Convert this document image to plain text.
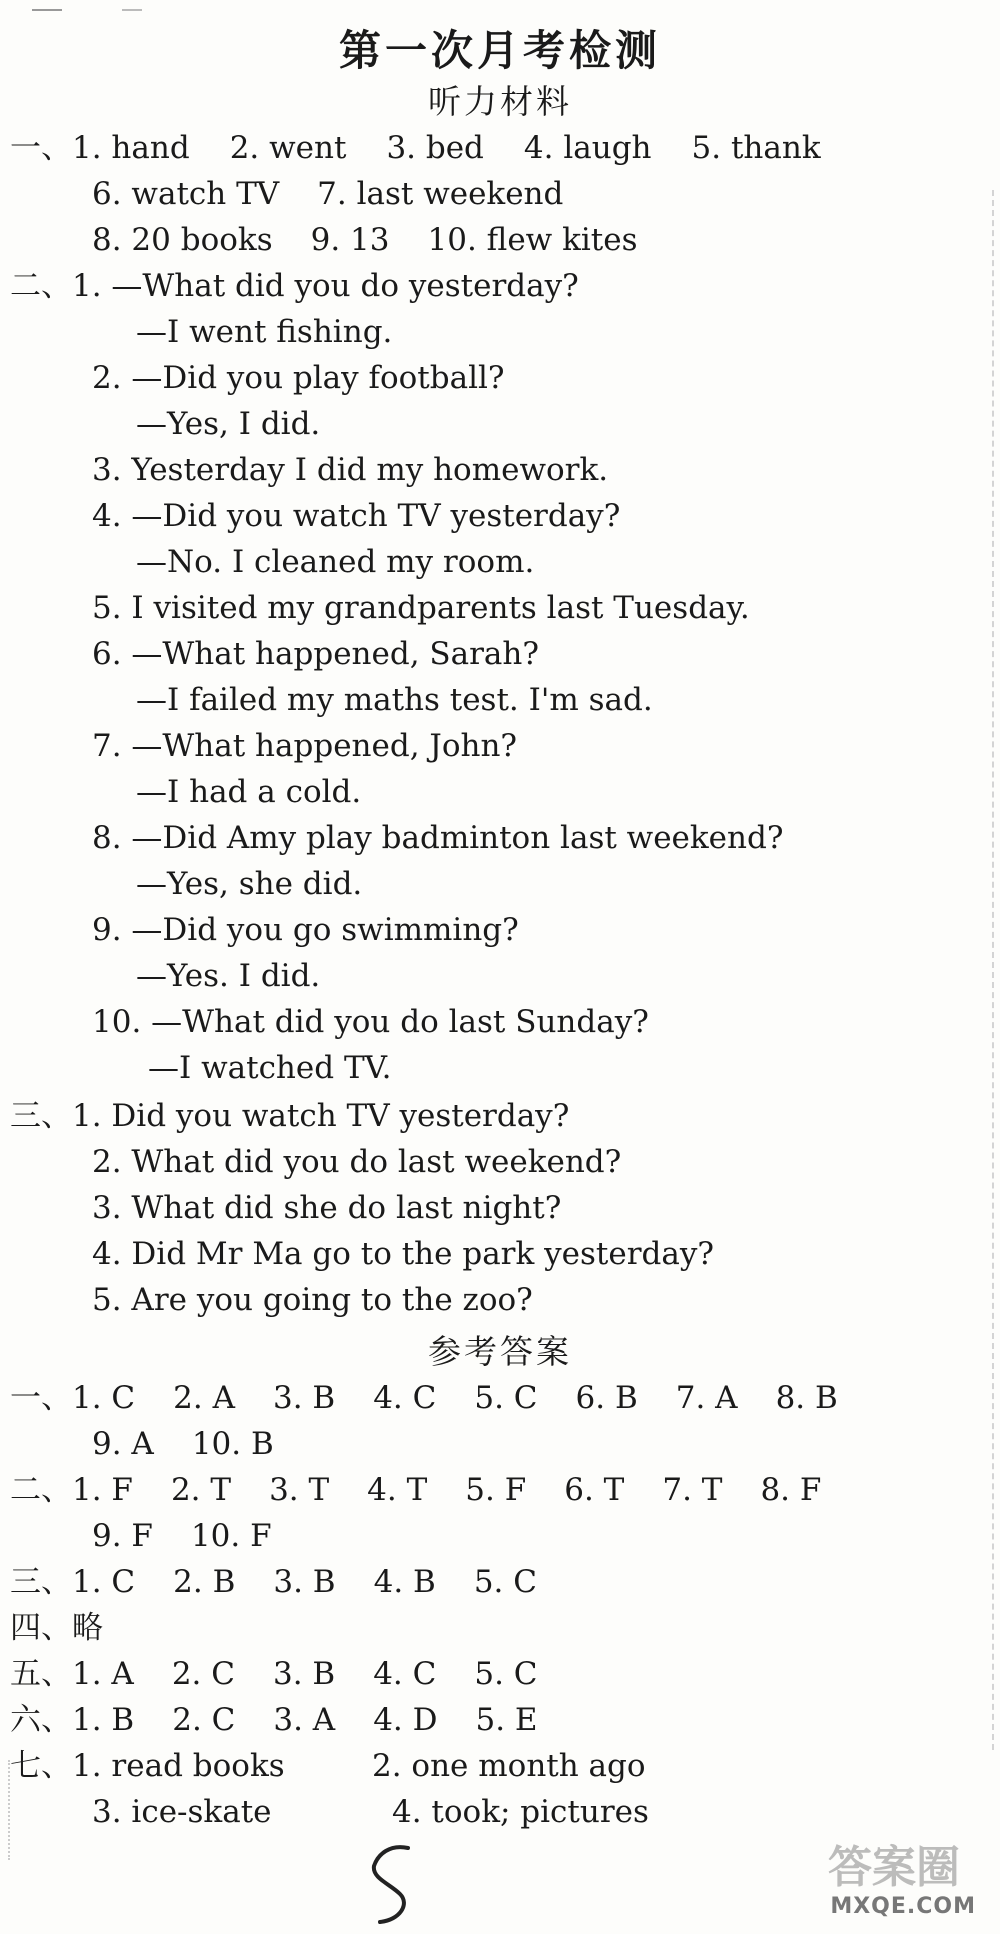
第一次月考检测
听力材料
一、1. hand 2. went 3. bed 4. laugh 5. thank
6. watch TV 7. last weekend
8. 20 books 9. 13 10. flew kites
二、1. —What did you do yesterday?
—I went fishing.
2. —Did you play football?
—Yes, I did.
3. Yesterday I did my homework.
4. —Did you watch TV yesterday?
—No. I cleaned my room.
5. I visited my grandparents last Tuesday.
6. —What happened, Sarah?
—I failed my maths test. I'm sad.
7. —What happened, John?
—I had a cold.
8. —Did Amy play badminton last weekend?
—Yes, she did.
9. —Did you go swimming?
—Yes. I did.
10. —What did you do last Sunday?
—I watched TV.
三、1. Did you watch TV yesterday?
2. What did you do last weekend?
3. What did she do last night?
4. Did Mr Ma go to the park yesterday?
5. Are you going to the zoo?
参考答案
一、1. C 2. A 3. B 4. C 5. C 6. B 7. A 8. B
9. A 10. B
二、1. F 2. T 3. T 4. T 5. F 6. T 7. T 8. F
9. F 10. F
三、1. C 2. B 3. B 4. B 5. C
四、略
五、1. A 2. C 3. B 4. C 5. C
六、1. B 2. C 3. A 4. D 5. E
七、1. read books	2. one month ago
3. ice-skate	4. took; pictures
答案圈
MXQE.COM
